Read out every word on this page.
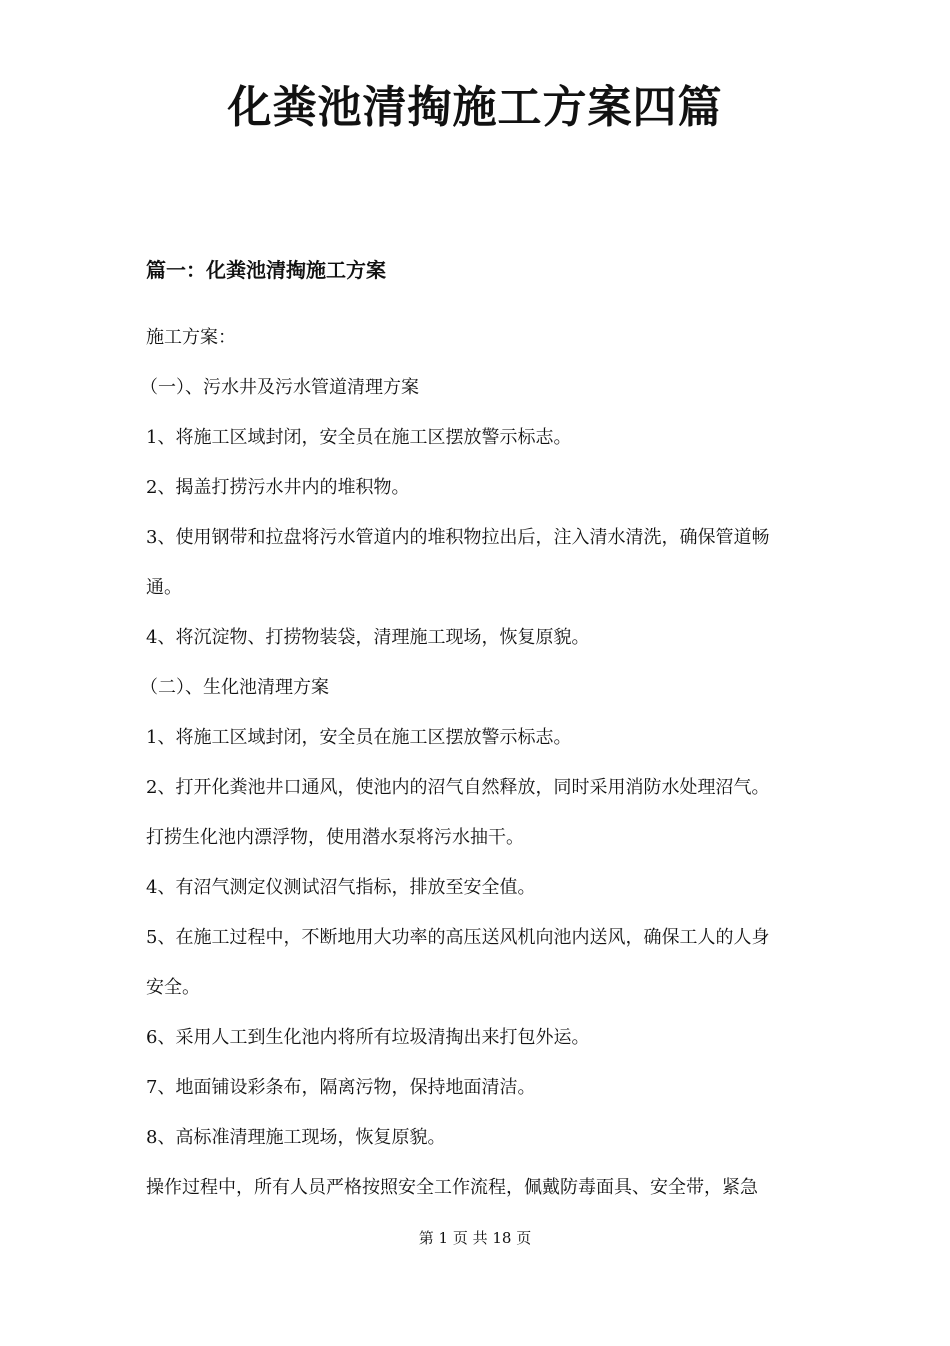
化粪池清掏施工方案四篇
篇一：化粪池清掏施工方案
施工方案：
（一）、污水井及污水管道清理方案
1、将施工区域封闭，安全员在施工区摆放警示标志。
2、揭盖打捞污水井内的堆积物。
3、使用钢带和拉盘将污水管道内的堆积物拉出后，注入清水清洗，确保管道畅
通。
4、将沉淀物、打捞物装袋，清理施工现场，恢复原貌。
（二）、生化池清理方案
1、将施工区域封闭，安全员在施工区摆放警示标志。
2、打开化粪池井口通风，使池内的沼气自然释放，同时采用消防水处理沼气。
打捞生化池内漂浮物，使用潜水泵将污水抽干。
4、有沼气测定仪测试沼气指标，排放至安全值。
5、在施工过程中，不断地用大功率的高压送风机向池内送风，确保工人的人身
安全。
6、采用人工到生化池内将所有垃圾清掏出来打包外运。
7、地面铺设彩条布，隔离污物，保持地面清洁。
8、高标准清理施工现场，恢复原貌。
操作过程中，所有人员严格按照安全工作流程，佩戴防毒面具、安全带，紧急
第 1 页 共 18 页
